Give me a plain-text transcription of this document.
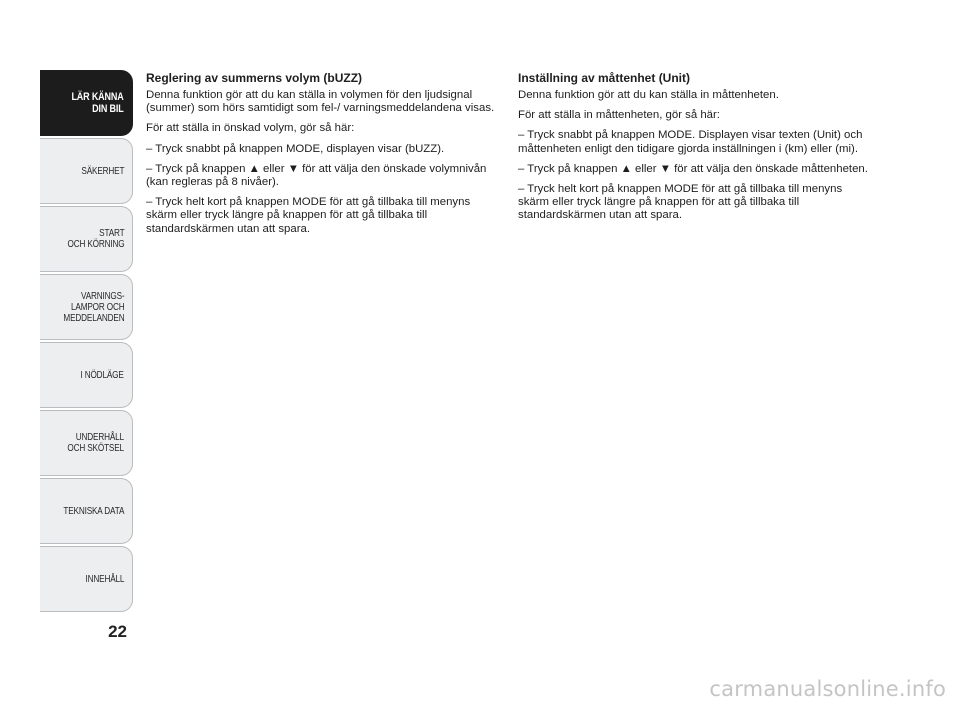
LÄR KÄNNA
DIN BIL
SÄKERHET
START
OCH KÖRNING
VARNINGS-
LAMPOR OCH
MEDDELANDEN
I NÖDLÄGE
UNDERHÅLL
OCH SKÖTSEL
TEKNISKA DATA
INNEHÅLL
22
Reglering av summerns volym (bUZZ)

Denna funktion gör att du kan ställa in volymen för den ljudsignal (summer) som hörs samtidigt som fel-/ varningsmeddelandena visas.

För att ställa in önskad volym, gör så här:

– Tryck snabbt på knappen MODE, displayen visar (bUZZ).

– Tryck på knappen ▲ eller ▼ för att välja den önskade volymnivån (kan regleras på 8 nivåer).

– Tryck helt kort på knappen MODE för att gå tillbaka till menyns skärm eller tryck längre på knappen för att gå tillbaka till standardskärmen utan att spara.

Inställning av måttenhet (Unit)

Denna funktion gör att du kan ställa in måttenheten.

För att ställa in måttenheten, gör så här:

– Tryck snabbt på knappen MODE. Displayen visar texten (Unit) och måttenheten enligt den tidigare gjorda inställningen i (km) eller (mi).

– Tryck på knappen ▲ eller ▼ för att välja den önskade måttenheten.

– Tryck helt kort på knappen MODE för att gå tillbaka till menyns skärm eller tryck längre på knappen för att gå tillbaka till standardskärmen utan att spara.

carmanualsonline.info
